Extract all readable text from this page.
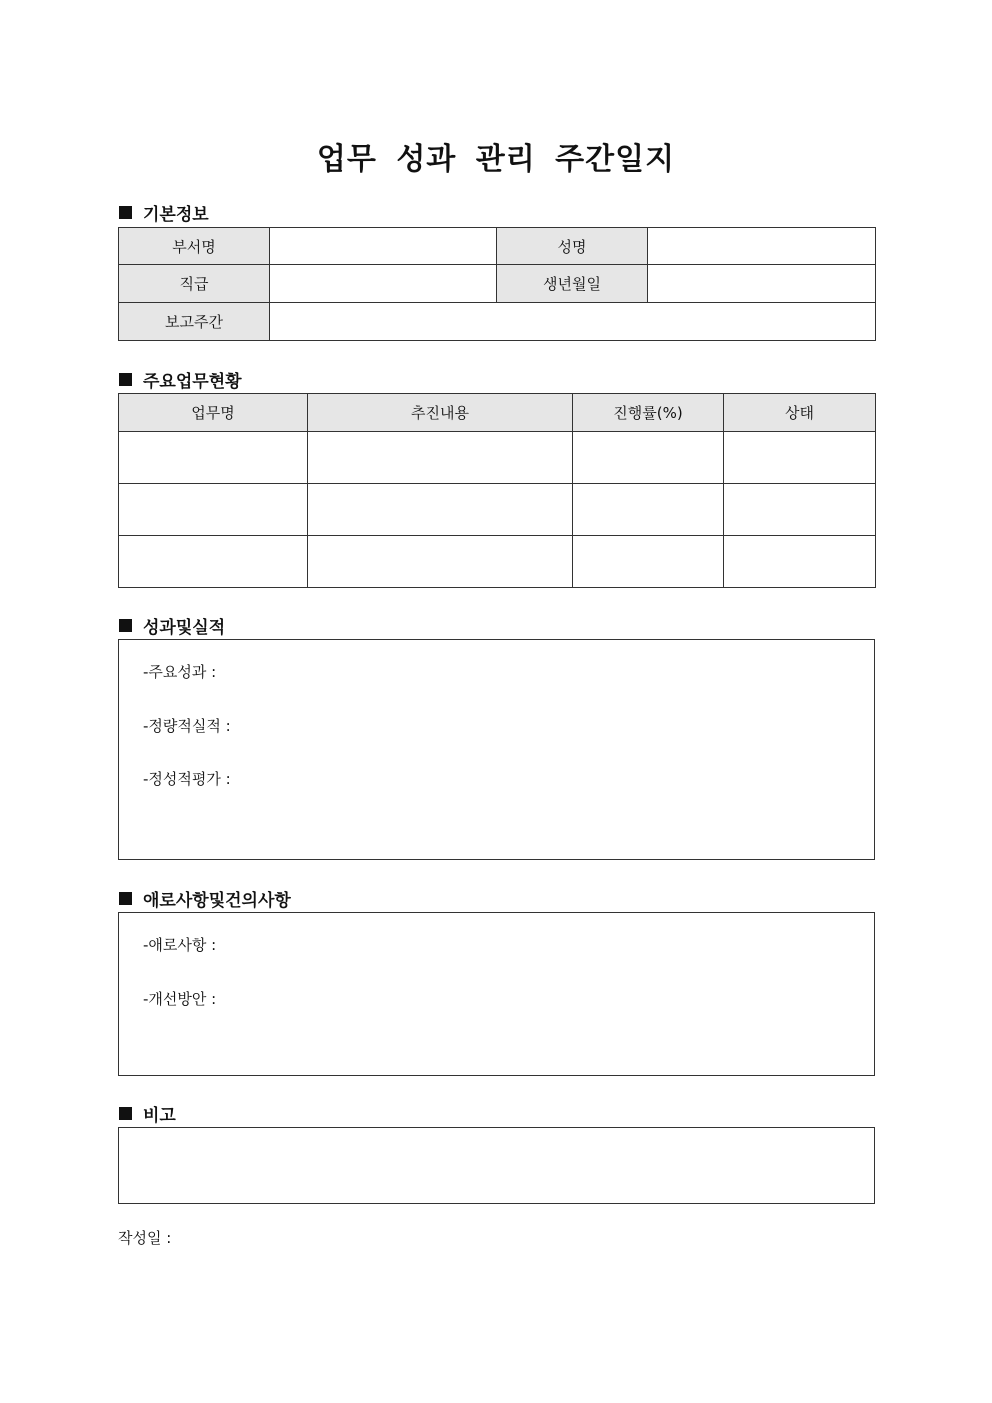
업무 성과 관리 주간일지
기본정보
부서명		성명	
직급		생년월일	
보고주간			
주요업무현황
업무명	추진내용	진행률(%)	상태

성과및실적
-주요성과 :
-정량적실적 :
-정성적평가 :
애로사항및건의사항
-애로사항 :
-개선방안 :
비고
작성일 :
